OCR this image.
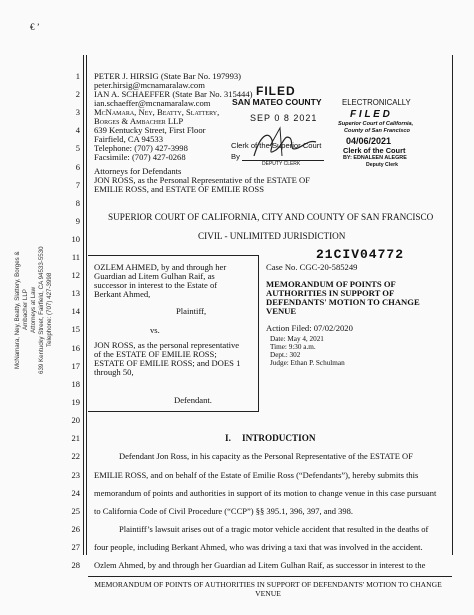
€ ’
McNamara, Ney, Beatty, Slattery, Borges & Ambacher LLP Attorneys at Law 639 Kentucky Street, Fairfield, CA 94533-5530 Telephone: (707) 427-3998
1
2
3
4
5
6
7
8
9
10
11
12
13
14
15
16
17
18
19
20
21
22
23
24
25
26
27
28
PETER J. HIRSIG (State Bar No. 197993)
peter.hirsig@mcnamaralaw.com
IAN A. SCHAEFFER (State Bar No. 315444)
ian.schaeffer@mcnamaralaw.com
McNamara, Ney, Beatty, Slattery,
Borges & Ambacher LLP
639 Kentucky Street, First Floor
Fairfield, CA 94533
Telephone: (707) 427-3998
Facsimile: (707) 427-0268
Attorneys for Defendants
JON ROSS, as the Personal Representative of the ESTATE OF
EMILIE ROSS, and ESTATE OF EMILIE ROSS
FILED
SAN MATEO COUNTY
SEP 0 8 2021
Clerk of the Superior Court
By
DEPUTY CLERK
ELECTRONICALLY
F I L E D
Superior Court of California,
County of San Francisco
04/06/2021
Clerk of the Court
BY: EDNALEEN ALEGRE
Deputy Clerk
SUPERIOR COURT OF CALIFORNIA, CITY AND COUNTY OF SAN FRANCISCO
CIVIL - UNLIMITED JURISDICTION
21CIV04772
OZLEM AHMED, by and through her
Guardian ad Litem Gulhan Raif, as
successor in interest to the Estate of
Berkant Ahmed,
Plaintiff,
vs.
JON ROSS, as the personal representative
of the ESTATE OF EMILIE ROSS;
ESTATE OF EMILIE ROSS; and DOES 1
through 50,
Defendant.
Case No. CGC-20-585249
MEMORANDUM OF POINTS OF
AUTHORITIES IN SUPPORT OF
DEFENDANTS' MOTION TO CHANGE
VENUE
Action Filed: 07/02/2020
Date: May 4, 2021
Time: 9:30 a.m.
Dept.: 302
Judge: Ethan P. Schulman
I. INTRODUCTION
Defendant Jon Ross, in his capacity as the Personal Representative of the ESTATE OF
EMILIE ROSS, and on behalf of the Estate of Emilie Ross (“Defendants”), hereby submits this
memorandum of points and authorities in support of its motion to change venue in this case pursuant
to California Code of Civil Procedure (“CCP”) §§ 395.1, 396, 397, and 398.
Plaintiff’s lawsuit arises out of a tragic motor vehicle accident that resulted in the deaths of
four people, including Berkant Ahmed, who was driving a taxi that was involved in the accident.
Ozlem Ahmed, by and through her Guardian ad Litem Gulhan Raif, as successor in interest to the
MEMORANDUM OF POINTS OF AUTHORITIES IN SUPPORT OF DEFENDANTS' MOTION TO CHANGE
VENUE
